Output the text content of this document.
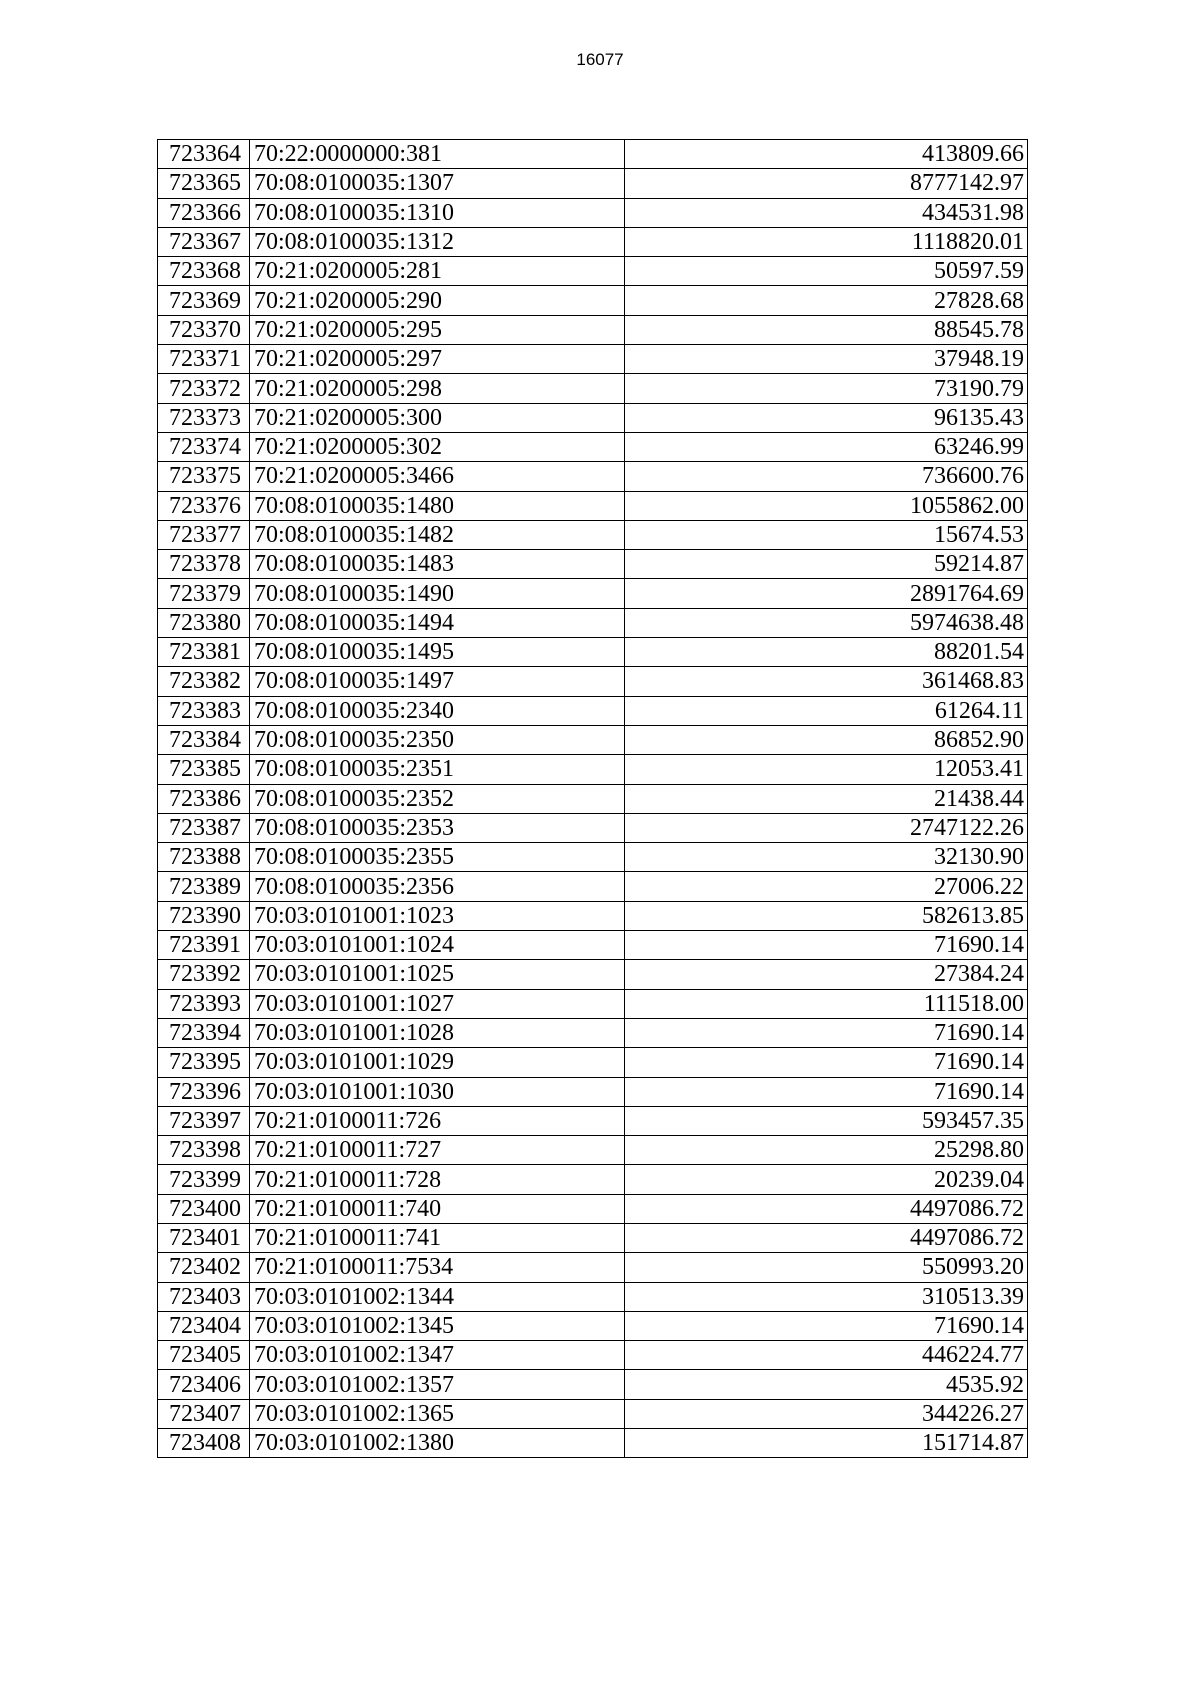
16077
723364	70:22:0000000:381	413809.66
723365	70:08:0100035:1307	8777142.97
723366	70:08:0100035:1310	434531.98
723367	70:08:0100035:1312	1118820.01
723368	70:21:0200005:281	50597.59
723369	70:21:0200005:290	27828.68
723370	70:21:0200005:295	88545.78
723371	70:21:0200005:297	37948.19
723372	70:21:0200005:298	73190.79
723373	70:21:0200005:300	96135.43
723374	70:21:0200005:302	63246.99
723375	70:21:0200005:3466	736600.76
723376	70:08:0100035:1480	1055862.00
723377	70:08:0100035:1482	15674.53
723378	70:08:0100035:1483	59214.87
723379	70:08:0100035:1490	2891764.69
723380	70:08:0100035:1494	5974638.48
723381	70:08:0100035:1495	88201.54
723382	70:08:0100035:1497	361468.83
723383	70:08:0100035:2340	61264.11
723384	70:08:0100035:2350	86852.90
723385	70:08:0100035:2351	12053.41
723386	70:08:0100035:2352	21438.44
723387	70:08:0100035:2353	2747122.26
723388	70:08:0100035:2355	32130.90
723389	70:08:0100035:2356	27006.22
723390	70:03:0101001:1023	582613.85
723391	70:03:0101001:1024	71690.14
723392	70:03:0101001:1025	27384.24
723393	70:03:0101001:1027	111518.00
723394	70:03:0101001:1028	71690.14
723395	70:03:0101001:1029	71690.14
723396	70:03:0101001:1030	71690.14
723397	70:21:0100011:726	593457.35
723398	70:21:0100011:727	25298.80
723399	70:21:0100011:728	20239.04
723400	70:21:0100011:740	4497086.72
723401	70:21:0100011:741	4497086.72
723402	70:21:0100011:7534	550993.20
723403	70:03:0101002:1344	310513.39
723404	70:03:0101002:1345	71690.14
723405	70:03:0101002:1347	446224.77
723406	70:03:0101002:1357	4535.92
723407	70:03:0101002:1365	344226.27
723408	70:03:0101002:1380	151714.87
